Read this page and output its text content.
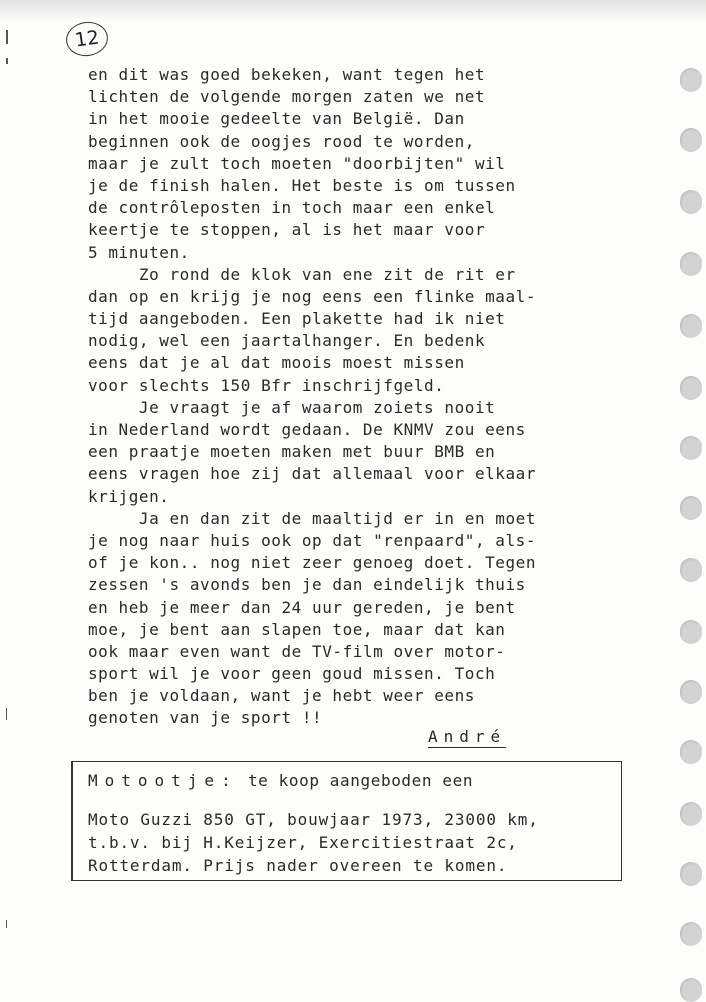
12
en dit was goed bekeken, want tegen het
lichten de volgende morgen zaten we net
in het mooie gedeelte van België. Dan
beginnen ook de oogjes rood te worden,
maar je zult toch moeten "doorbijten" wil
je de finish halen. Het beste is om tussen
de contrôleposten in toch maar een enkel
keertje te stoppen, al is het maar voor
5 minuten.
Zo rond de klok van ene zit de rit er
dan op en krijg je nog eens een flinke maal-
tijd aangeboden. Een plakette had ik niet
nodig, wel een jaartalhanger. En bedenk
eens dat je al dat moois moest missen
voor slechts 150 Bfr inschrijfgeld.
Je vraagt je af waarom zoiets nooit
in Nederland wordt gedaan. De KNMV zou eens
een praatje moeten maken met buur BMB en
eens vragen hoe zij dat allemaal voor elkaar
krijgen.
Ja en dan zit de maaltijd er in en moet
je nog naar huis ook op dat "renpaard", als-
of je kon.. nog niet zeer genoeg doet. Tegen
zessen 's avonds ben je dan eindelijk thuis
en heb je meer dan 24 uur gereden, je bent
moe, je bent aan slapen toe, maar dat kan
ook maar even want de TV-film over motor-
sport wil je voor geen goud missen. Toch
ben je voldaan, want je hebt weer eens
genoten van je sport !!
André
Motootje: te koop aangeboden een
Moto Guzzi 850 GT, bouwjaar 1973, 23000 km,
t.b.v. bij H.Keijzer, Exercitiestraat 2c,
Rotterdam. Prijs nader overeen te komen.
